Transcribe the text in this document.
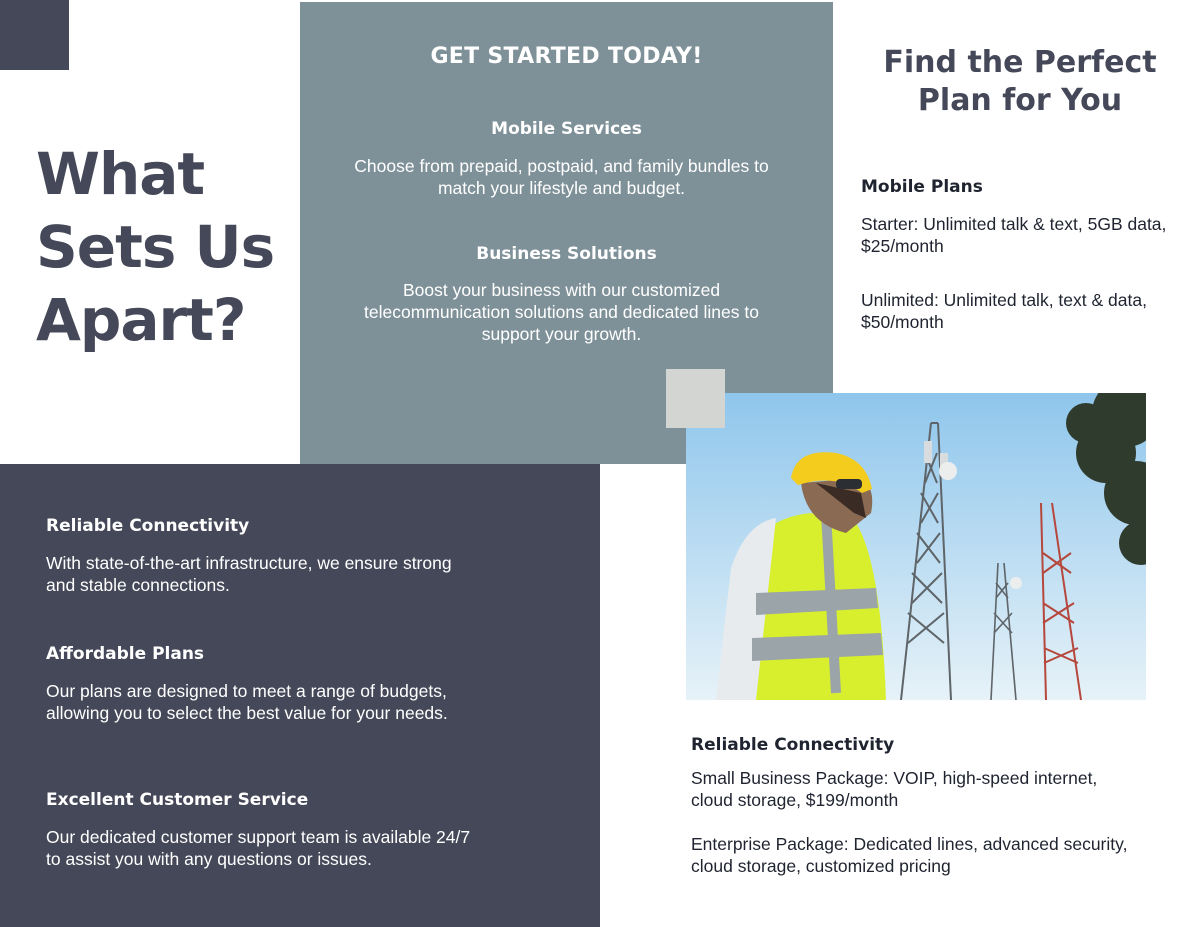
What
Sets Us
Apart?
GET STARTED TODAY!
Mobile Services
Choose from prepaid, postpaid, and family bundles to match your lifestyle and budget.
Business Solutions
Boost your business with our customized telecommunication solutions and dedicated lines to support your growth.
Reliable Connectivity
With state-of-the-art infrastructure, we ensure strong and stable connections.
Affordable Plans
Our plans are designed to meet a range of budgets, allowing you to select the best value for your needs.
Excellent Customer Service
Our dedicated customer support team is available 24/7 to assist you with any questions or issues.
Find the Perfect
Plan for You
Mobile Plans
Starter: Unlimited talk & text, 5GB data, $25/month
Unlimited: Unlimited talk, text & data, $50/month
Reliable Connectivity
Small Business Package: VOIP, high-speed internet, cloud storage, $199/month
Enterprise Package: Dedicated lines, advanced security, cloud storage, customized pricing
